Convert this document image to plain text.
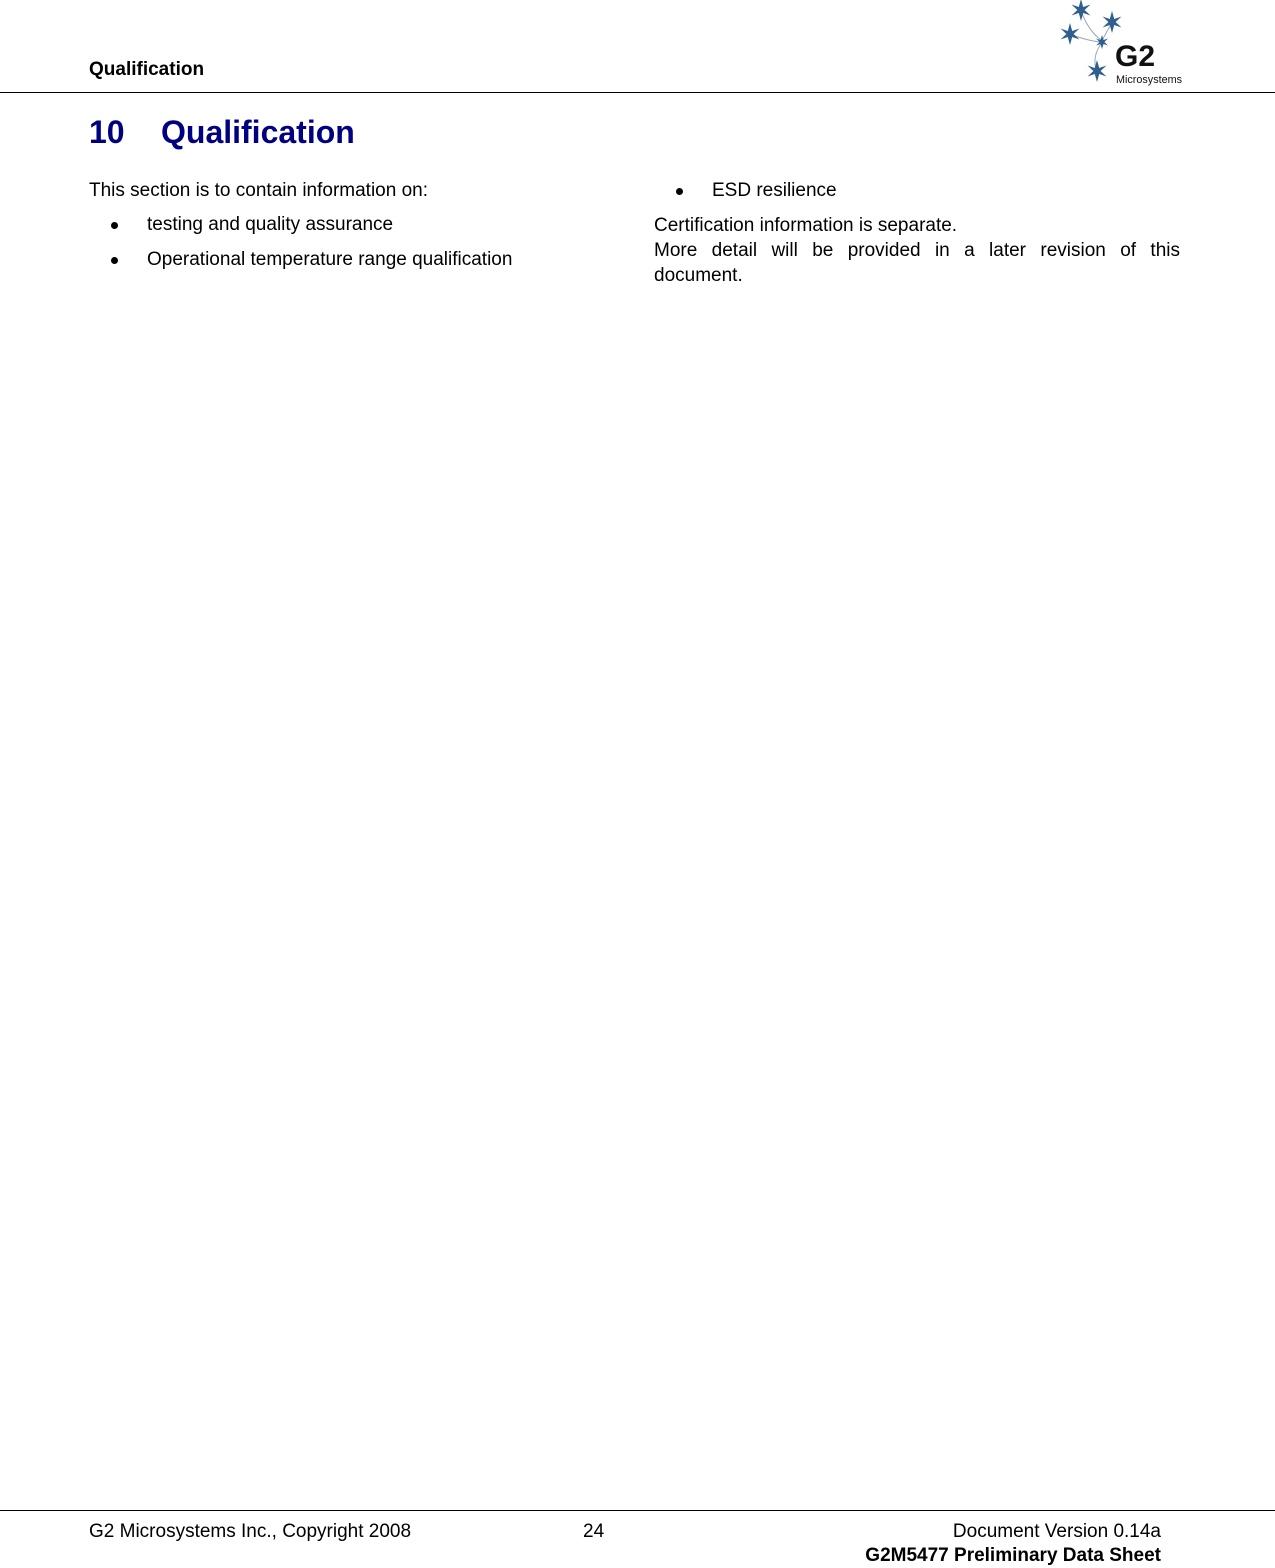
Qualification	G2
Microsystems
10 Qualification

This section is to contain information on:

testing and quality assurance
Operational temperature range qualification
ESD resilience

Certification information is separate.

More detail will be provided in a later revision of this document.

G2 Microsystems Inc., Copyright 2008	24	Document Version 0.14a
G2M5477 Preliminary Data Sheet
